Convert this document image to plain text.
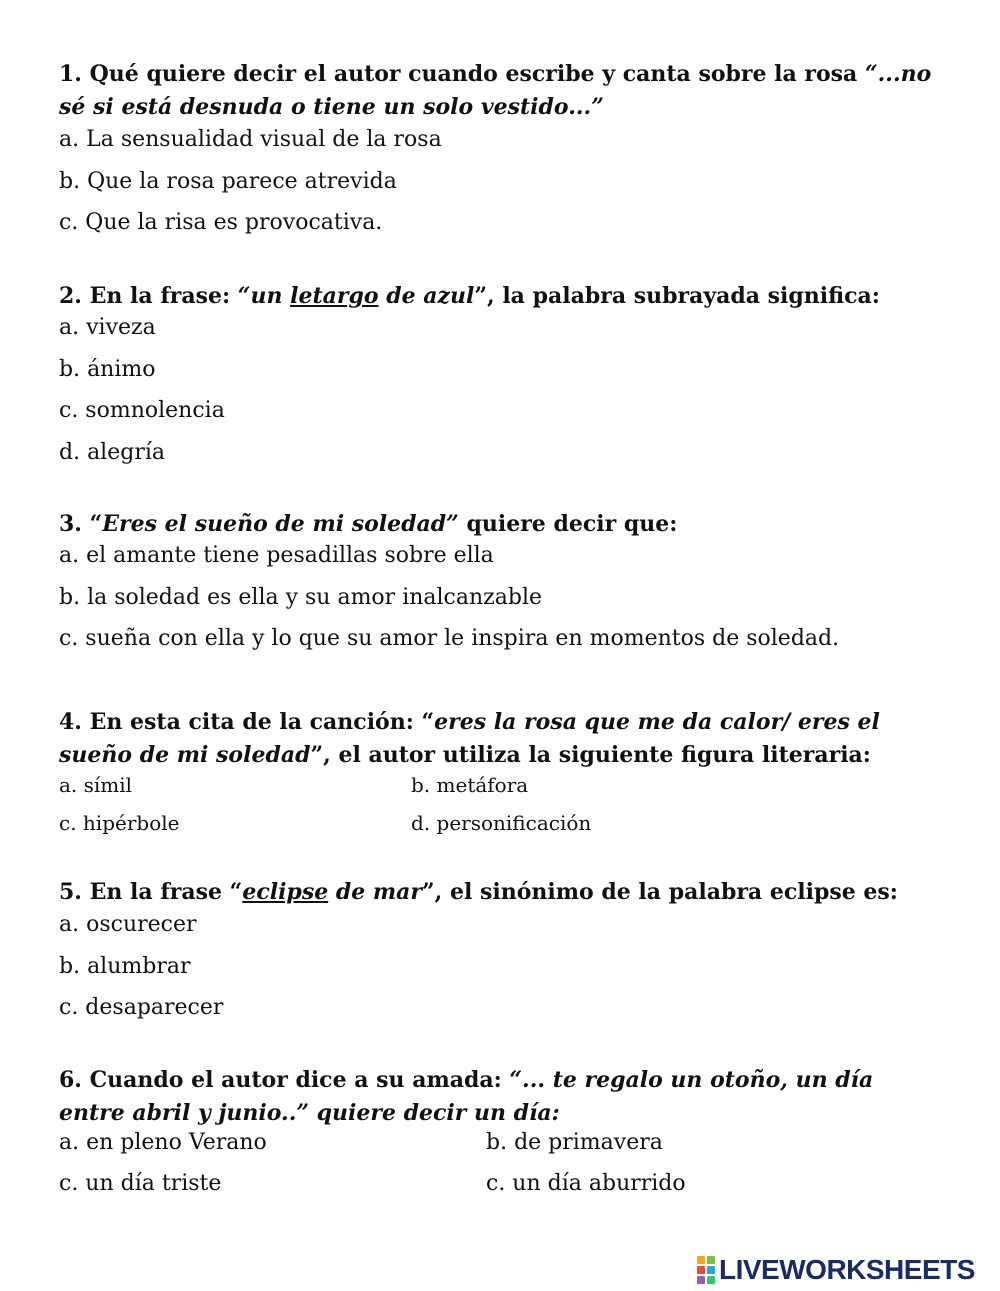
1. Qué quiere decir el autor cuando escribe y canta sobre la rosa “...no sé si está desnuda o tiene un solo vestido...”
a. La sensualidad visual de la rosa
b. Que la rosa parece atrevida
c. Que la risa es provocativa.
2. En la frase: “un letargo de azul”, la palabra subrayada significa:
a. viveza
b. ánimo
c. somnolencia
d. alegría
3. “Eres el sueño de mi soledad” quiere decir que:
a. el amante tiene pesadillas sobre ella
b. la soledad es ella y su amor inalcanzable
c. sueña con ella y lo que su amor le inspira en momentos de soledad.
4. En esta cita de la canción: “eres la rosa que me da calor/ eres el sueño de mi soledad”, el autor utiliza la siguiente figura literaria:
a. símil	b. metáfora
c. hipérbole	d. personificación
5. En la frase “eclipse de mar”, el sinónimo de la palabra eclipse es:
a. oscurecer
b. alumbrar
c. desaparecer
6. Cuando el autor dice a su amada: “... te regalo un otoño, un día entre abril y junio..” quiere decir un día:
a. en pleno Verano	b. de primavera
c. un día triste	c. un día aburrido
LIVEWORKSHEETS
